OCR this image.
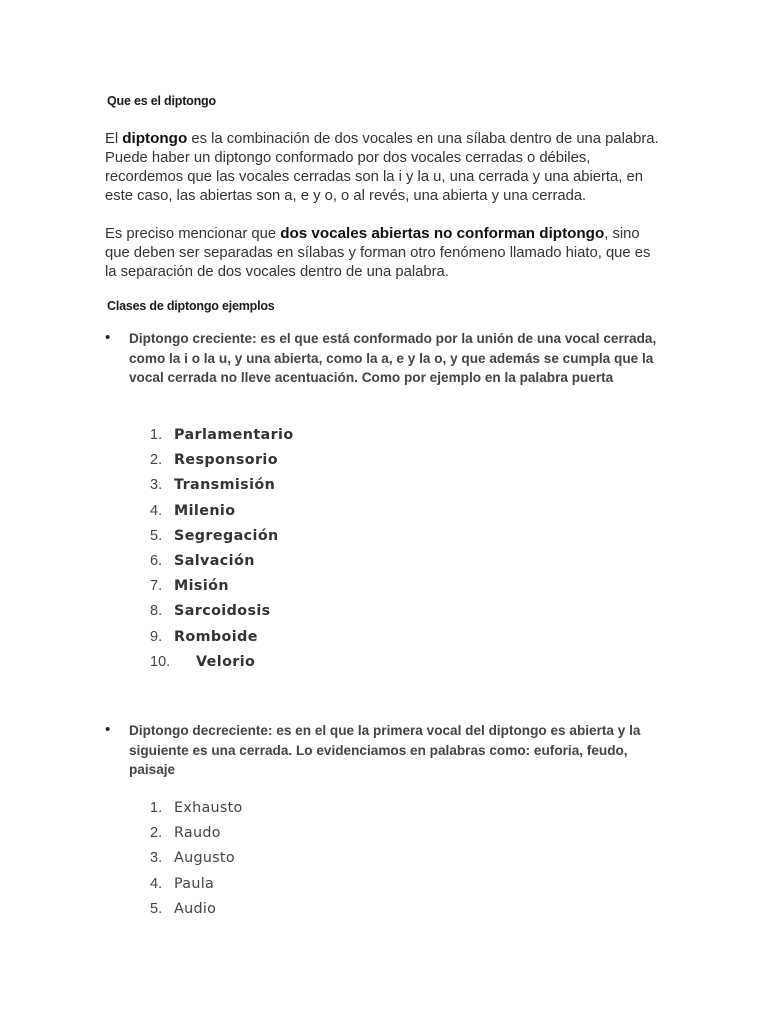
Que es el diptongo
El diptongo es la combinación de dos vocales en una sílaba dentro de una palabra. Puede haber un diptongo conformado por dos vocales cerradas o débiles, recordemos que las vocales cerradas son la i y la u, una cerrada y una abierta, en este caso, las abiertas son a, e y o, o al revés, una abierta y una cerrada.
Es preciso mencionar que dos vocales abiertas no conforman diptongo, sino que deben ser separadas en sílabas y forman otro fenómeno llamado hiato, que es la separación de dos vocales dentro de una palabra.
Clases de diptongo ejemplos
• Diptongo creciente: es el que está conformado por la unión de una vocal cerrada, como la i o la u, y una abierta, como la a, e y la o, y que además se cumpla que la vocal cerrada no lleve acentuación. Como por ejemplo en la palabra puerta
1. Parlamentario
2. Responsorio
3. Transmisión
4. Milenio
5. Segregación
6. Salvación
7. Misión
8. Sarcoidosis
9. Romboide
10. Velorio
• Diptongo decreciente: es en el que la primera vocal del diptongo es abierta y la siguiente es una cerrada. Lo evidenciamos en palabras como: euforia, feudo, paisaje
1. Exhausto
2. Raudo
3. Augusto
4. Paula
5. Audio
